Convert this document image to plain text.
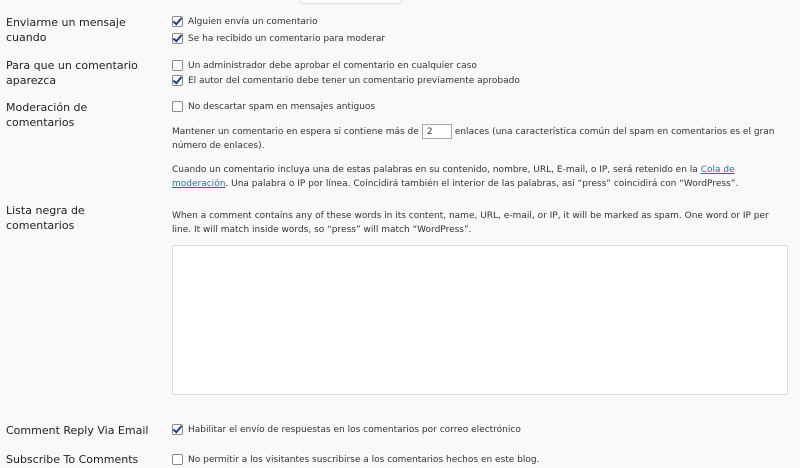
Enviarme un mensaje cuando
Alguien envía un comentario
Se ha recibido un comentario para moderar
Para que un comentario aparezca
Un administrador debe aprobar el comentario en cualquier caso
El autor del comentario debe tener un comentario previamente aprobado
Moderación de comentarios
No descartar spam en mensajes antiguos
Mantener un comentario en espera si contiene más de 2 enlaces (una característica común del spam en comentarios es el gran número de enlaces).
Cuando un comentario incluya una de estas palabras en su contenido, nombre, URL, E-mail, o IP, será retenido en la Cola de moderación. Una palabra o IP por línea. Coincidirá también el interior de las palabras, así “press” coincidirá con “WordPress”.
Lista negra de comentarios
When a comment contains any of these words in its content, name, URL, e-mail, or IP, it will be marked as spam. One word or IP per line. It will match inside words, so “press” will match “WordPress”.
Comment Reply Via Email	Habilitar el envío de respuestas en los comentarios por correo electrónico
Subscribe To Comments	No permitir a los visitantes suscribirse a los comentarios hechos en este blog.
